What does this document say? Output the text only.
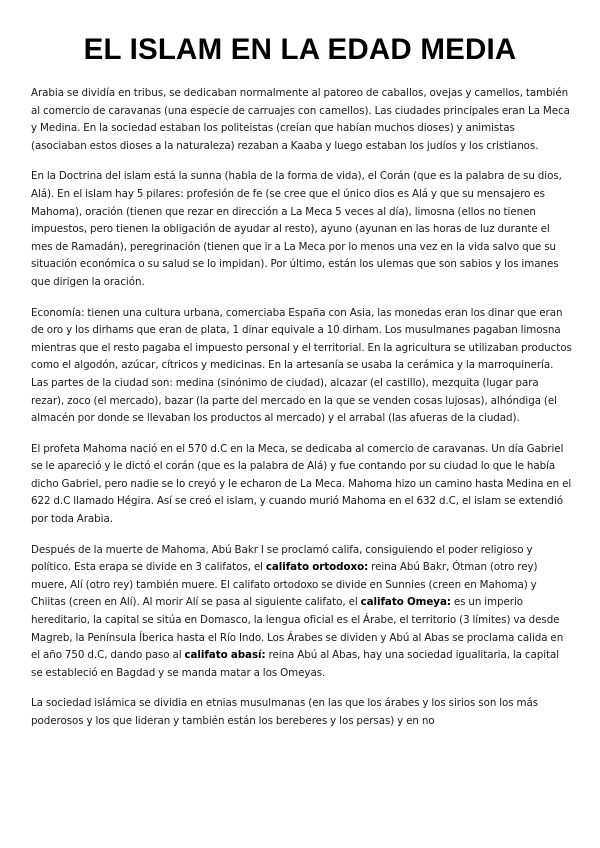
EL ISLAM EN LA EDAD MEDIA

Arabia se dividía en tribus, se dedicaban normalmente al patoreo de caballos, ovejas y camellos, también al comercio de caravanas (una especie de carruajes con camellos). Las ciudades principales eran La Meca y Medina. En la sociedad estaban los politeistas (creían que habían muchos dioses) y animistas (asociaban estos dioses a la naturaleza) rezaban a Kaaba y luego estaban los judíos y los cristianos.

En la Doctrina del islam está la sunna (habla de la forma de vida), el Corán (que es la palabra de su dios, Alá). En el islam hay 5 pilares: profesión de fe (se cree que el único dios es Alá y que su mensajero es Mahoma), oración (tienen que rezar en dirección a La Meca 5 veces al día), limosna (ellos no tienen impuestos, pero tienen la obligación de ayudar al resto), ayuno (ayunan en las horas de luz durante el mes de Ramadán), peregrinación (tienen que ir a La Meca por lo menos una vez en la vida salvo que su situación económica o su salud se lo impidan). Por último, están los ulemas que son sabios y los imanes que dirigen la oración.

Economía: tienen una cultura urbana, comerciaba España con Asia, las monedas eran los dinar que eran de oro y los dirhams que eran de plata, 1 dinar equivale a 10 dirham. Los musulmanes pagaban limosna mientras que el resto pagaba el impuesto personal y el territorial. En la agricultura se utilizaban productos como el algodón, azúcar, cítricos y medicinas. En la artesanía se usaba la cerámica y la marroquinería. Las partes de la ciudad son: medina (sinónimo de ciudad), alcazar (el castillo), mezquita (lugar para rezar), zoco (el mercado), bazar (la parte del mercado en la que se venden cosas lujosas), alhóndiga (el almacén por donde se llevaban los productos al mercado) y el arrabal (las afueras de la ciudad).

El profeta Mahoma nació en el 570 d.C en la Meca, se dedicaba al comercio de caravanas. Un día Gabriel se le apareció y le dictó el corán (que es la palabra de Alá) y fue contando por su ciudad lo que le había dicho Gabriel, pero nadie se lo creyó y le echaron de La Meca. Mahoma hizo un camino hasta Medina en el 622 d.C llamado Hégira. Así se creó el islam, y cuando murió Mahoma en el 632 d.C, el islam se extendió por toda Arabia.

Después de la muerte de Mahoma, Abú Bakr I se proclamó califa, consiguiendo el poder religioso y político. Esta erapa se divide en 3 califatos, el califato ortodoxo: reina Abú Bakr, Ótman (otro rey) muere, Alí (otro rey) también muere. El califato ortodoxo se divide en Sunnies (creen en Mahoma) y Chiitas (creen en Alí). Al morir Alí se pasa al siguiente califato, el califato Omeya: es un imperio hereditario, la capital se sitúa en Domasco, la lengua oficial es el Árabe, el territorio (3 límites) va desde Magreb, la Península Íberica hasta el Río Indo. Los Árabes se dividen y Abú al Abas se proclama calida en el año 750 d.C, dando paso al califato abasí: reina Abú al Abas, hay una sociedad igualitaria, la capital se estableció en Bagdad y se manda matar a los Omeyas.

La sociedad islámica se dividia en etnias musulmanas (en las que los árabes y los sirios son los más poderosos y los que lideran y también están los bereberes y los persas) y en no
